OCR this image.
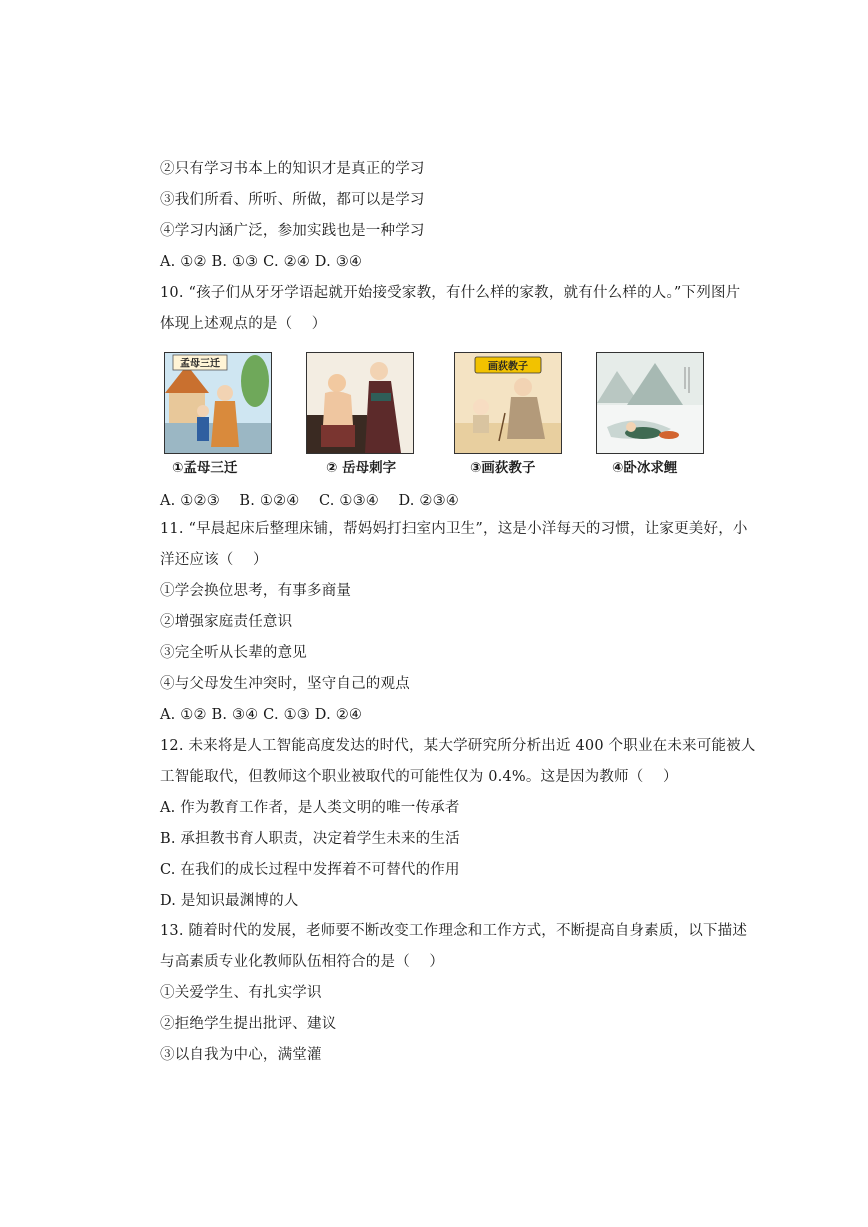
②只有学习书本上的知识才是真正的学习
③我们所看、所听、所做，都可以是学习
④学习内涵广泛，参加实践也是一种学习
A. ①② B. ①③ C. ②④ D. ③④
10. “孩子们从牙牙学语起就开始接受家教，有什么样的家教，就有什么样的人。”下列图片
体现上述观点的是（　 ）
孟母三迁
①孟母三迁	② 岳母刺字
画荻教子
③画荻教子	④卧冰求鲤
A. ①②③　 B. ①②④　 C. ①③④　 D. ②③④
11. “早晨起床后整理床铺，帮妈妈打扫室内卫生”，这是小洋每天的习惯，让家更美好，小
洋还应该（　 ）
①学会换位思考，有事多商量
②增强家庭责任意识
③完全听从长辈的意见
④与父母发生冲突时，坚守自己的观点
A. ①② B. ③④ C. ①③ D. ②④
12. 未来将是人工智能高度发达的时代，某大学研究所分析出近 400 个职业在未来可能被人
工智能取代，但教师这个职业被取代的可能性仅为 0.4%。这是因为教师（　 ）
A. 作为教育工作者，是人类文明的唯一传承者
B. 承担教书育人职责，决定着学生未来的生活
C. 在我们的成长过程中发挥着不可替代的作用
D. 是知识最渊博的人
13. 随着时代的发展，老师要不断改变工作理念和工作方式，不断提高自身素质，以下描述
与高素质专业化教师队伍相符合的是（　 ）
①关爱学生、有扎实学识
②拒绝学生提出批评、建议
③以自我为中心，满堂灌
